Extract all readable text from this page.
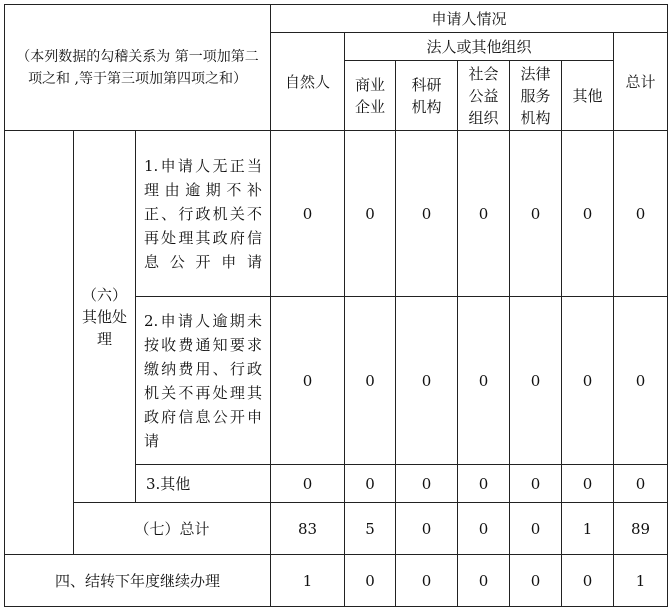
（本列数据的勾稽关系为 第一项加第二项之和 ,等于第三项加第四项之和）			申请人情况						
			自然人	法人或其他组织					总计

				商业企业	科研机构	社会公益组织	法律服务机构	其他	

	（六）其他处理	1.申请人无正当理由逾期不补正、行政机关不再处理其政府信息公开申请	0	0	0	0	0	0	0
		2.申请人逾期未按收费通知要求缴纳费用、行政机关不再处理其政府信息公开申请	0	0	0	0	0	0	0
		3.其他	0	0	0	0	0	0	0
	（七）总计		83	5	0	0	0	1	89
四、结转下年度继续办理			1	0	0	0	0	0	1
